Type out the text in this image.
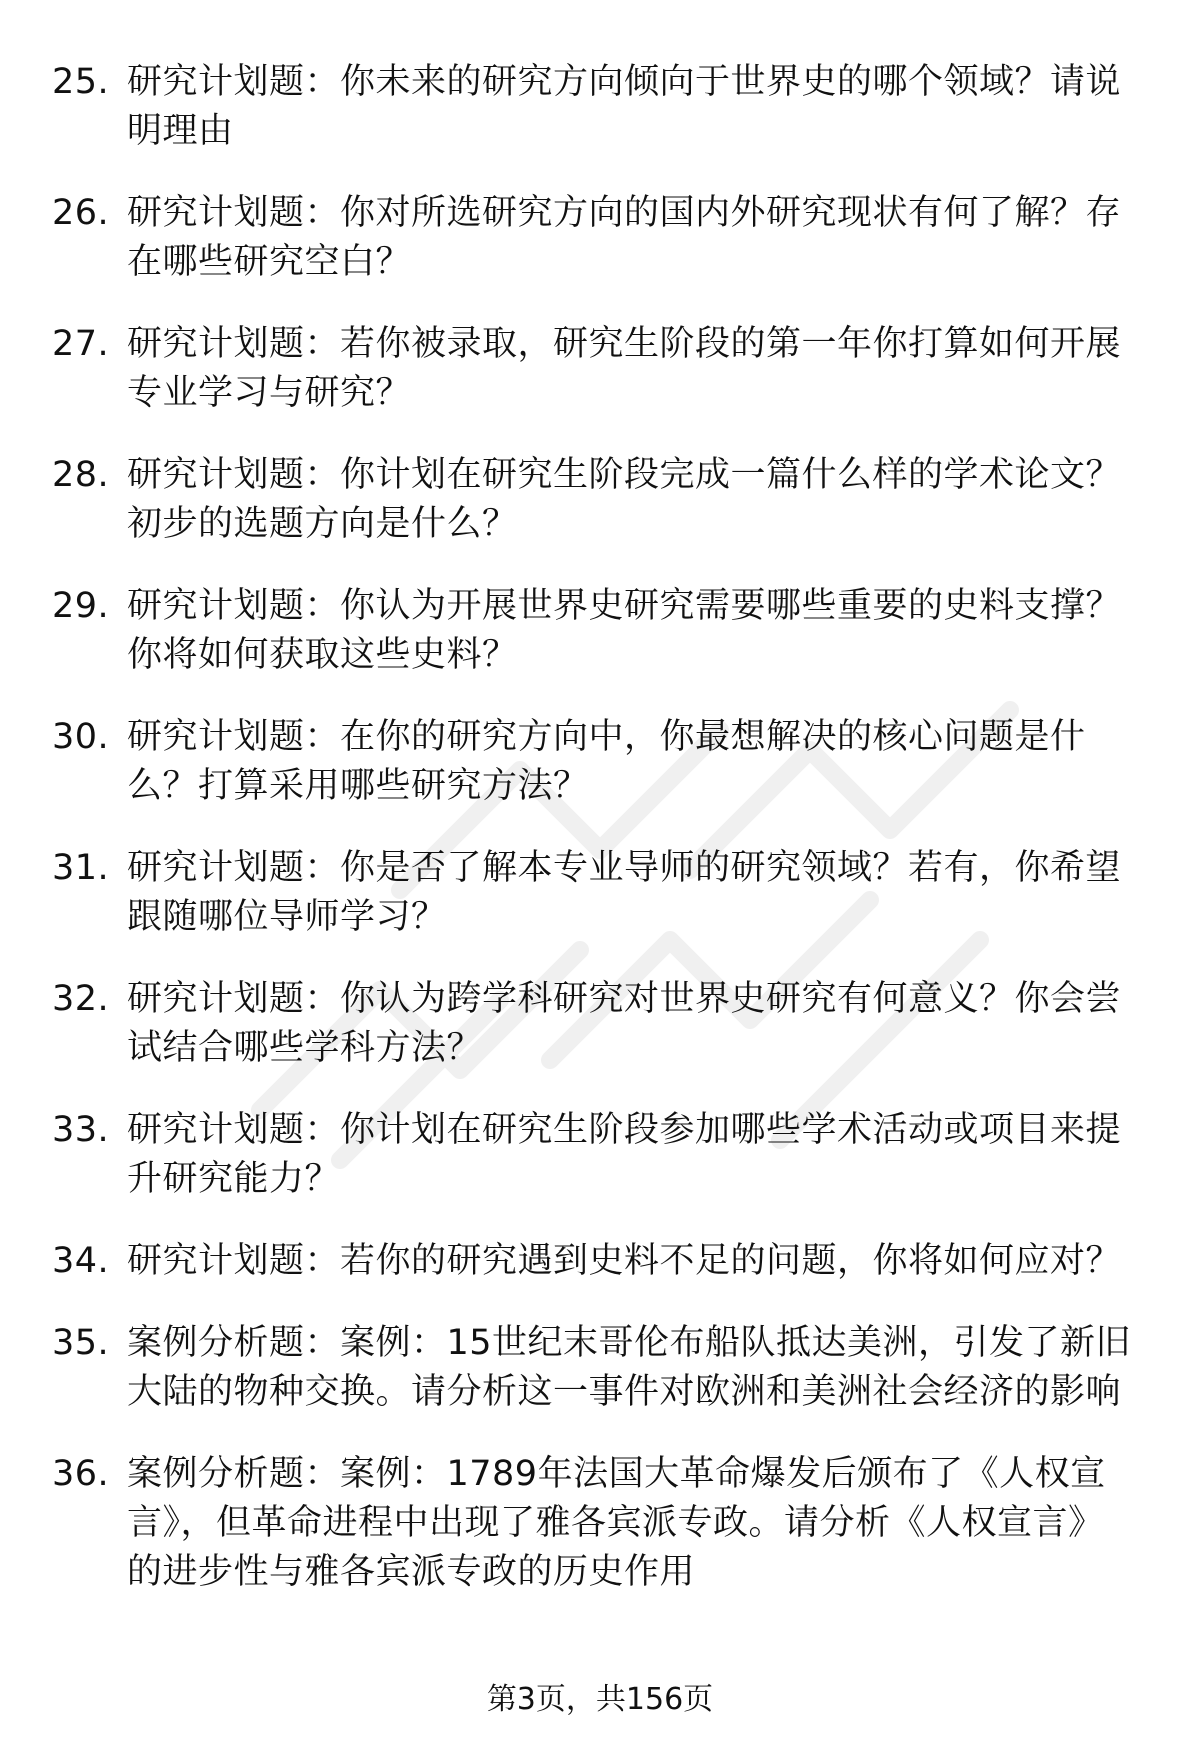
25. 研究计划题：你未来的研究方向倾向于世界史的哪个领域？请说
明理由
26. 研究计划题：你对所选研究方向的国内外研究现状有何了解？存
在哪些研究空白？
27. 研究计划题：若你被录取，研究生阶段的第一年你打算如何开展
专业学习与研究？
28. 研究计划题：你计划在研究生阶段完成一篇什么样的学术论文？
初步的选题方向是什么？
29. 研究计划题：你认为开展世界史研究需要哪些重要的史料支撑？
你将如何获取这些史料？
30. 研究计划题：在你的研究方向中，你最想解决的核心问题是什
么？打算采用哪些研究方法？
31. 研究计划题：你是否了解本专业导师的研究领域？若有，你希望
跟随哪位导师学习？
32. 研究计划题：你认为跨学科研究对世界史研究有何意义？你会尝
试结合哪些学科方法？
33. 研究计划题：你计划在研究生阶段参加哪些学术活动或项目来提
升研究能力？
34. 研究计划题：若你的研究遇到史料不足的问题，你将如何应对？
35. 案例分析题：案例：15世纪末哥伦布船队抵达美洲，引发了新旧
大陆的物种交换。请分析这一事件对欧洲和美洲社会经济的影响
36. 案例分析题：案例：1789年法国大革命爆发后颁布了《人权宣
言》，但革命进程中出现了雅各宾派专政。请分析《人权宣言》
的进步性与雅各宾派专政的历史作用
第3页，共156页
